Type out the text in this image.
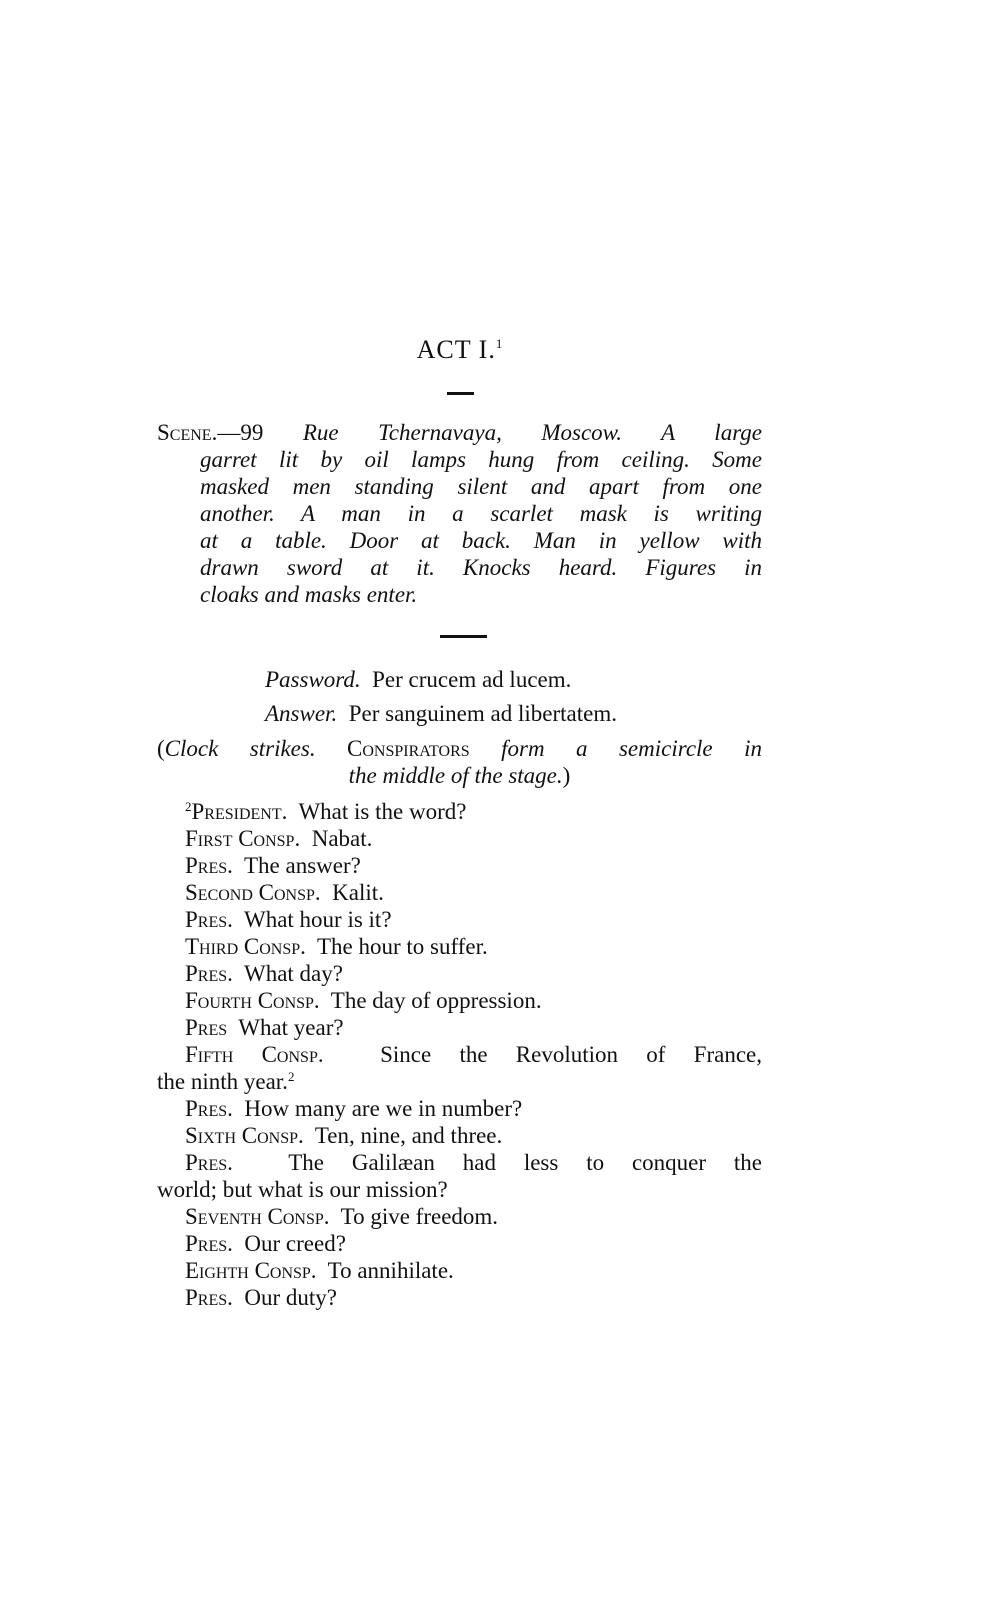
ACT I.$^1$
Scene.—99 Rue Tchernavaya, Moscow. A large
garret lit by oil lamps hung from ceiling. Some
masked men standing silent and apart from one
another. A man in a scarlet mask is writing
at a table. Door at back. Man in yellow with
drawn sword at it. Knocks heard. Figures in
cloaks and masks enter.
Password. Per crucem ad lucem.
Answer. Per sanguinem ad libertatem.
(Clock strikes. Conspirators form a semicircle in
the middle of the stage.)
$^2$President. What is the word?
First Consp. Nabat.
Pres. The answer?
Second Consp. Kalit.
Pres. What hour is it?
Third Consp. The hour to suffer.
Pres. What day?
Fourth Consp. The day of oppression.
Pres What year?
Fifth Consp. Since the Revolution of France,
the ninth year.$^2$
Pres. How many are we in number?
Sixth Consp. Ten, nine, and three.
Pres. The Galilæan had less to conquer the
world; but what is our mission?
Seventh Consp. To give freedom.
Pres. Our creed?
Eighth Consp. To annihilate.
Pres. Our duty?
